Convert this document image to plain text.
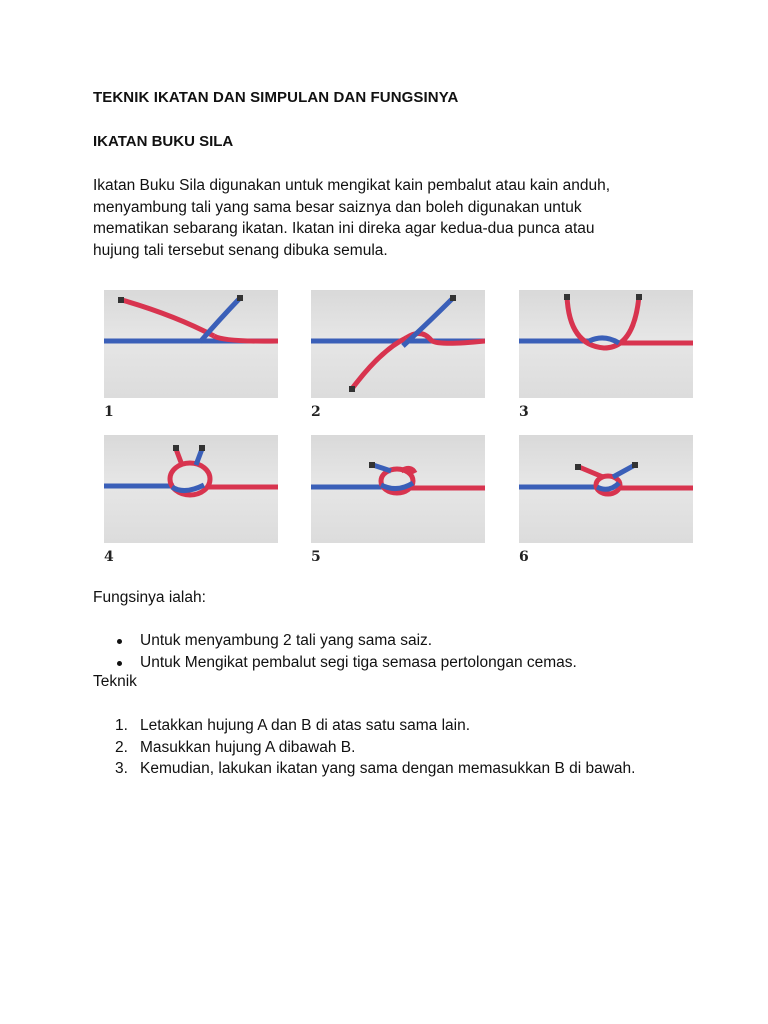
TEKNIK IKATAN DAN SIMPULAN DAN FUNGSINYA
IKATAN BUKU SILA
Ikatan Buku Sila digunakan untuk mengikat kain pembalut atau kain anduh,
menyambung tali yang sama besar saiznya dan boleh digunakan untuk
mematikan sebarang ikatan. Ikatan ini direka agar kedua-dua punca atau
hujung tali tersebut senang dibuka semula.
Fungsinya ialah:
Untuk menyambung 2 tali yang sama saiz.
Untuk Mengikat pembalut segi tiga semasa pertolongan cemas.
Teknik
1. Letakkan hujung A dan B di atas satu sama lain.
2. Masukkan hujung A dibawah B.
3. Kemudian, lakukan ikatan yang sama dengan memasukkan B di bawah.
1	2	3
4	5	6
